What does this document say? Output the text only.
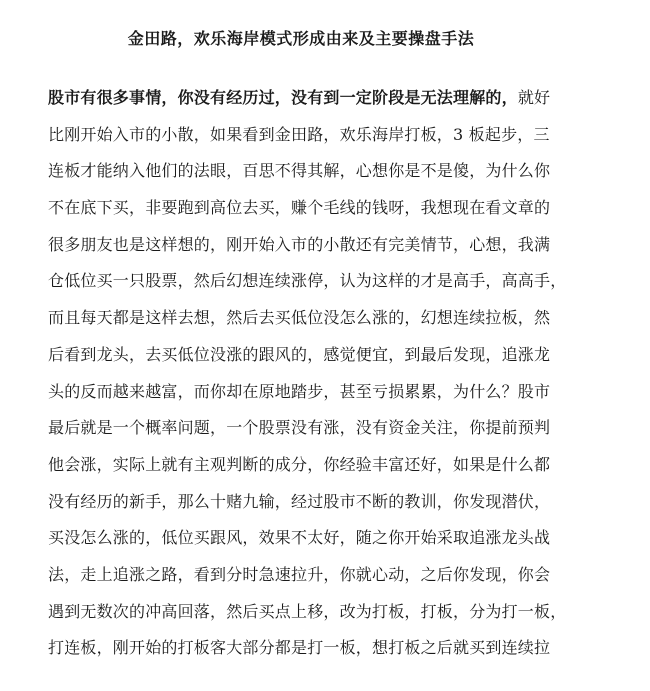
金田路，欢乐海岸模式形成由来及主要操盘手法
股市有很多事情，你没有经历过，没有到一定阶段是无法理解的，就好
比刚开始入市的小散，如果看到金田路，欢乐海岸打板，3 板起步，三
连板才能纳入他们的法眼，百思不得其解，心想你是不是傻，为什么你
不在底下买，非要跑到高位去买，赚个毛线的钱呀，我想现在看文章的
很多朋友也是这样想的，刚开始入市的小散还有完美情节，心想，我满
仓低位买一只股票，然后幻想连续涨停，认为这样的才是高手，高高手，
而且每天都是这样去想，然后去买低位没怎么涨的，幻想连续拉板，然
后看到龙头，去买低位没涨的跟风的，感觉便宜，到最后发现，追涨龙
头的反而越来越富，而你却在原地踏步，甚至亏损累累，为什么？股市
最后就是一个概率问题，一个股票没有涨，没有资金关注，你提前预判
他会涨，实际上就有主观判断的成分，你经验丰富还好，如果是什么都
没有经历的新手，那么十赌九输，经过股市不断的教训，你发现潜伏，
买没怎么涨的，低位买跟风，效果不太好，随之你开始采取追涨龙头战
法，走上追涨之路，看到分时急速拉升，你就心动，之后你发现，你会
遇到无数次的冲高回落，然后买点上移，改为打板，打板，分为打一板，
打连板，刚开始的打板客大部分都是打一板，想打板之后就买到连续拉
